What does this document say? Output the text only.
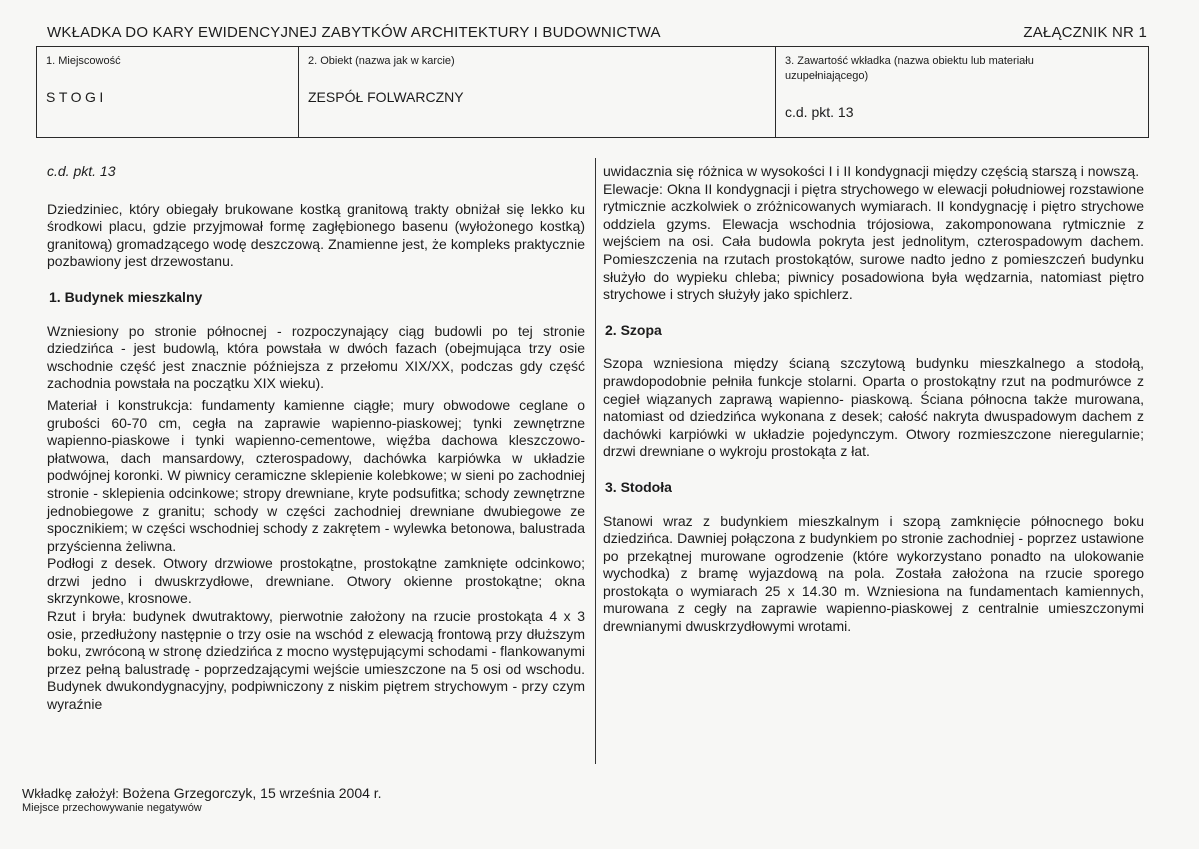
WKŁADKA DO KARY EWIDENCYJNEJ ZABYTKÓW ARCHITEKTURY I BUDOWNICTWA	ZAŁĄCZNIK NR 1
1. Miejscowość
STOGI
2. Obiekt (nazwa jak w karcie)
ZESPÓŁ FOLWARCZNY
3. Zawartość wkładka (nazwa obiektu lub materiału uzupełniającego)
c.d. pkt. 13

c.d. pkt. 13

Dziedziniec, który obiegały brukowane kostką granitową trakty obniżał się lekko ku środkowi placu, gdzie przyjmował formę zagłębionego basenu (wyłożonego kostką) granitową) gromadzącego wodę deszczową. Znamienne jest, że kompleks praktycznie pozbawiony jest drzewostanu.

1. Budynek mieszkalny

Wzniesiony po stronie północnej - rozpoczynający ciąg budowli po tej stronie dziedzińca - jest budowlą, która powstała w dwóch fazach (obejmująca trzy osie wschodnie część jest znacznie późniejsza z przełomu XIX/XX, podczas gdy część zachodnia powstała na początku XIX wieku).

Materiał i konstrukcja: fundamenty kamienne ciągłe; mury obwodowe ceglane o grubości 60-70 cm, cegła na zaprawie wapienno-piaskowej; tynki zewnętrzne wapienno-piaskowe i tynki wapienno-cementowe, więźba dachowa kleszczowo-płatwowa, dach mansardowy, czterospadowy, dachówka karpiówka w układzie podwójnej koronki. W piwnicy ceramiczne sklepienie kolebkowe; w sieni po zachodniej stronie - sklepienia odcinkowe; stropy drewniane, kryte podsufitka; schody zewnętrzne jednobiegowe z granitu; schody w części zachodniej drewniane dwubiegowe ze spocznikiem; w części wschodniej schody z zakrętem - wylewka betonowa, balustrada przyściennа żeliwna.

Podłogi z desek. Otwory drzwiowe prostokątne, prostokątne zamknięte odcinkowo; drzwi jedno i dwuskrzydłowe, drewniane. Otwory okienne prostokątne; okna skrzynkowe, krosnowe.

Rzut i bryła: budynek dwutraktowy, pierwotnie założony na rzucie prostokąta 4 x 3 osie, przedłużony następnie o trzy osie na wschód z elewacją frontową przy dłuższym boku, zwróconą w stronę dziedzińca z mocno występującymi schodami - flankowanymi przez pełną balustradę - poprzedzającymi wejście umieszczone na 5 osi od wschodu. Budynek dwukondygnacyjny, podpiwniczony z niskim piętrem strychowym - przy czym wyraźnie

uwidacznia się różnica w wysokości I i II kondygnacji między częścią starszą i nowszą.

Elewacje: Okna II kondygnacji i piętra strychowego w elewacji południowej rozstawione rytmicznie aczkolwiek o zróżnicowanych wymiarach. II kondygnację i piętro strychowe oddziela gzyms. Elewacja wschodnia trójosiowa, zakomponowana rytmicznie z wejściem na osi. Cała budowla pokryta jest jednolitym, czterospadowym dachem. Pomieszczenia na rzutach prostokątów, surowe nadto jedno z pomieszczeń budynku służyło do wypieku chleba; piwnicy posadowiona była wędzarnia, natomiast piętro strychowe i strych służyły jako spichlerz.

2. Szopa

Szopa wzniesiona między ścianą szczytową budynku mieszkalnego a stodołą, prawdopodobnie pełniła funkcje stolarni. Oparta o prostokątny rzut na podmurówce z cegieł wiązanych zaprawą wapienno- piaskową. Ściana północna także murowana, natomiast od dziedzińca wykonana z desek; całość nakryta dwuspadowym dachem z dachówki karpiówki w układzie pojedynczym. Otwory rozmieszczone nieregularnie; drzwi drewniane o wykroju prostokąta z łat.

3. Stodoła

Stanowi wraz z budynkiem mieszkalnym i szopą zamknięcie północnego boku dziedzińca. Dawniej połączona z budynkiem po stronie zachodniej - poprzez ustawione po przekątnej murowane ogrodzenie (które wykorzystano ponadto na ulokowanie wychodka) z bramę wyjazdową na pola. Została założona na rzucie sporego prostokąta o wymiarach 25 x 14.30 m. Wzniesiona na fundamentach kamiennych, murowana z cegły na zaprawie wapienno-piaskowej z centralnie umieszczonymi drewnianymi dwuskrzydłowymi wrotami.

Wkładkę założył: Bożena Grzegorczyk, 15 września 2004 r.
Miejsce przechowywanie negatywów
